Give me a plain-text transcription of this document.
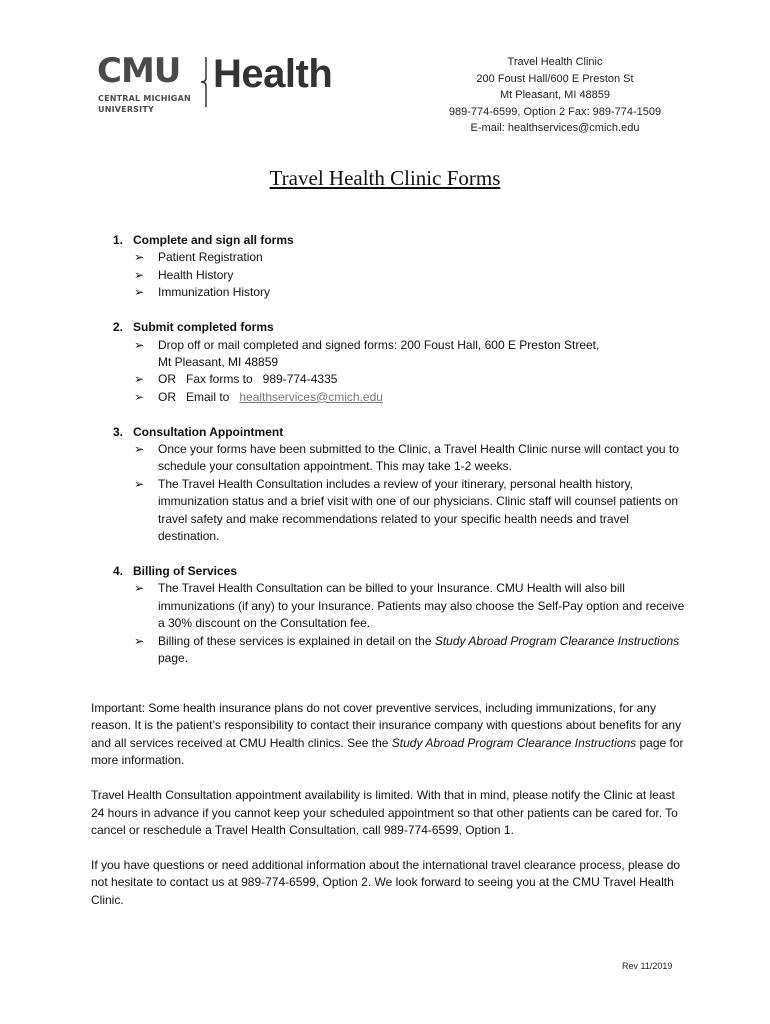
CMU
CENTRAL MICHIGAN
UNIVERSITY
Health	Travel Health Clinic
200 Foust Hall/600 E Preston St
Mt Pleasant, MI 48859
989-774-6599, Option 2 Fax: 989-774-1509
E-mail: healthservices@cmich.edu
Travel Health Clinic Forms
1. Complete and sign all forms
➢ Patient Registration
➢ Health History
➢ Immunization History
2. Submit completed forms
➢ Drop off or mail completed and signed forms: 200 Foust Hall, 600 E Preston Street,
Mt Pleasant, MI 48859
➢ OR   Fax forms to   989-774-4335
➢ OR   Email to   healthservices@cmich.edu
3. Consultation Appointment
➢ Once your forms have been submitted to the Clinic, a Travel Health Clinic nurse will contact you to schedule your consultation appointment. This may take 1-2 weeks.
➢ The Travel Health Consultation includes a review of your itinerary, personal health history, immunization status and a brief visit with one of our physicians. Clinic staff will counsel patients on travel safety and make recommendations related to your specific health needs and travel destination.
4. Billing of Services
➢ The Travel Health Consultation can be billed to your Insurance. CMU Health will also bill immunizations (if any) to your Insurance. Patients may also choose the Self-Pay option and receive a 30% discount on the Consultation fee.
➢ Billing of these services is explained in detail on the Study Abroad Program Clearance Instructions page.

Important: Some health insurance plans do not cover preventive services, including immunizations, for any reason. It is the patient’s responsibility to contact their insurance company with questions about benefits for any and all services received at CMU Health clinics. See the Study Abroad Program Clearance Instructions page for more information.

Travel Health Consultation appointment availability is limited. With that in mind, please notify the Clinic at least 24 hours in advance if you cannot keep your scheduled appointment so that other patients can be cared for. To cancel or reschedule a Travel Health Consultation, call 989-774-6599, Option 1.

If you have questions or need additional information about the international travel clearance process, please do not hesitate to contact us at 989-774-6599, Option 2. We look forward to seeing you at the CMU Travel Health Clinic.

Rev 11/2019
